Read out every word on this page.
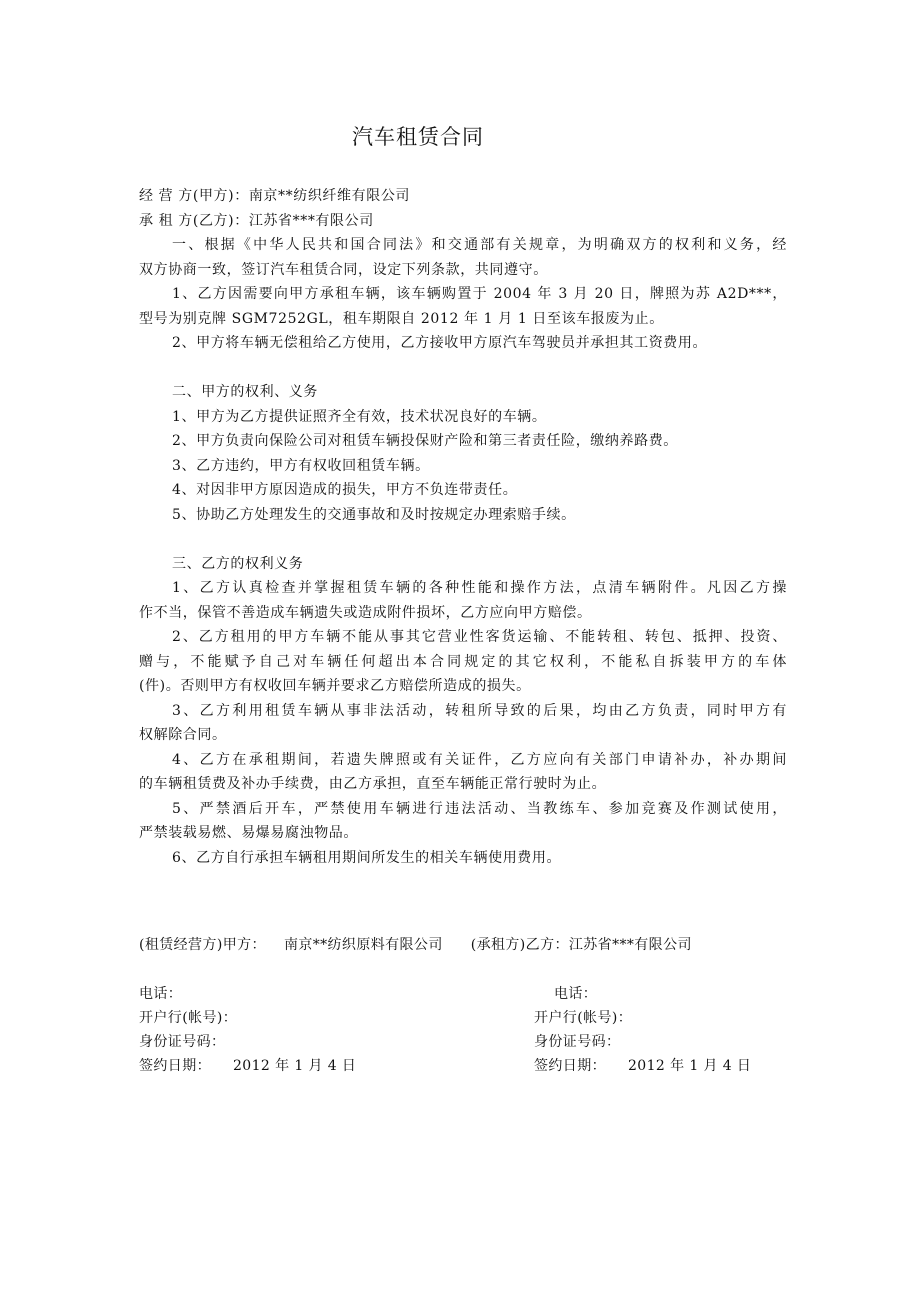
汽车租赁合同
经 营 方(甲方)：南京**纺织纤维有限公司
承 租 方(乙方)：江苏省***有限公司
一、根据《中华人民共和国合同法》和交通部有关规章，为明确双方的权利和义务，经
双方协商一致，签订汽车租赁合同，设定下列条款，共同遵守。
1、乙方因需要向甲方承租车辆，该车辆购置于 2004 年 3 月 20 日，牌照为苏 A2D***，
型号为别克牌 SGM7252GL，租车期限自 2012 年 1 月 1 日至该车报废为止。
2、甲方将车辆无偿租给乙方使用，乙方接收甲方原汽车驾驶员并承担其工资费用。
二、甲方的权利、义务
1、甲方为乙方提供证照齐全有效，技术状况良好的车辆。
2、甲方负责向保险公司对租赁车辆投保财产险和第三者责任险，缴纳养路费。
3、乙方违约，甲方有权收回租赁车辆。
4、对因非甲方原因造成的损失，甲方不负连带责任。
5、协助乙方处理发生的交通事故和及时按规定办理索赔手续。
三、乙方的权利义务
1、乙方认真检查并掌握租赁车辆的各种性能和操作方法，点清车辆附件。凡因乙方操
作不当，保管不善造成车辆遗失或造成附件损坏，乙方应向甲方赔偿。
2、乙方租用的甲方车辆不能从事其它营业性客货运输、不能转租、转包、抵押、投资、
赠与，不能赋予自己对车辆任何超出本合同规定的其它权利，不能私自拆装甲方的车体
(件)。否则甲方有权收回车辆并要求乙方赔偿所造成的损失。
3、乙方利用租赁车辆从事非法活动，转租所导致的后果，均由乙方负责，同时甲方有
权解除合同。
4、乙方在承租期间，若遗失牌照或有关证件，乙方应向有关部门申请补办，补办期间
的车辆租赁费及补办手续费，由乙方承担，直至车辆能正常行驶时为止。
5、严禁酒后开车，严禁使用车辆进行违法活动、当教练车、参加竞赛及作测试使用，
严禁装载易燃、易爆易腐浊物品。
6、乙方自行承担车辆租用期间所发生的相关车辆使用费用。
(租赁经营方)甲方： 南京**纺织原料有限公司 (承租方)乙方：江苏省***有限公司
电话：
开户行(帐号)：
身份证号码：
签约日期： 2012 年 1 月 4 日
电话：
开户行(帐号)：
身份证号码：
签约日期： 2012 年 1 月 4 日
